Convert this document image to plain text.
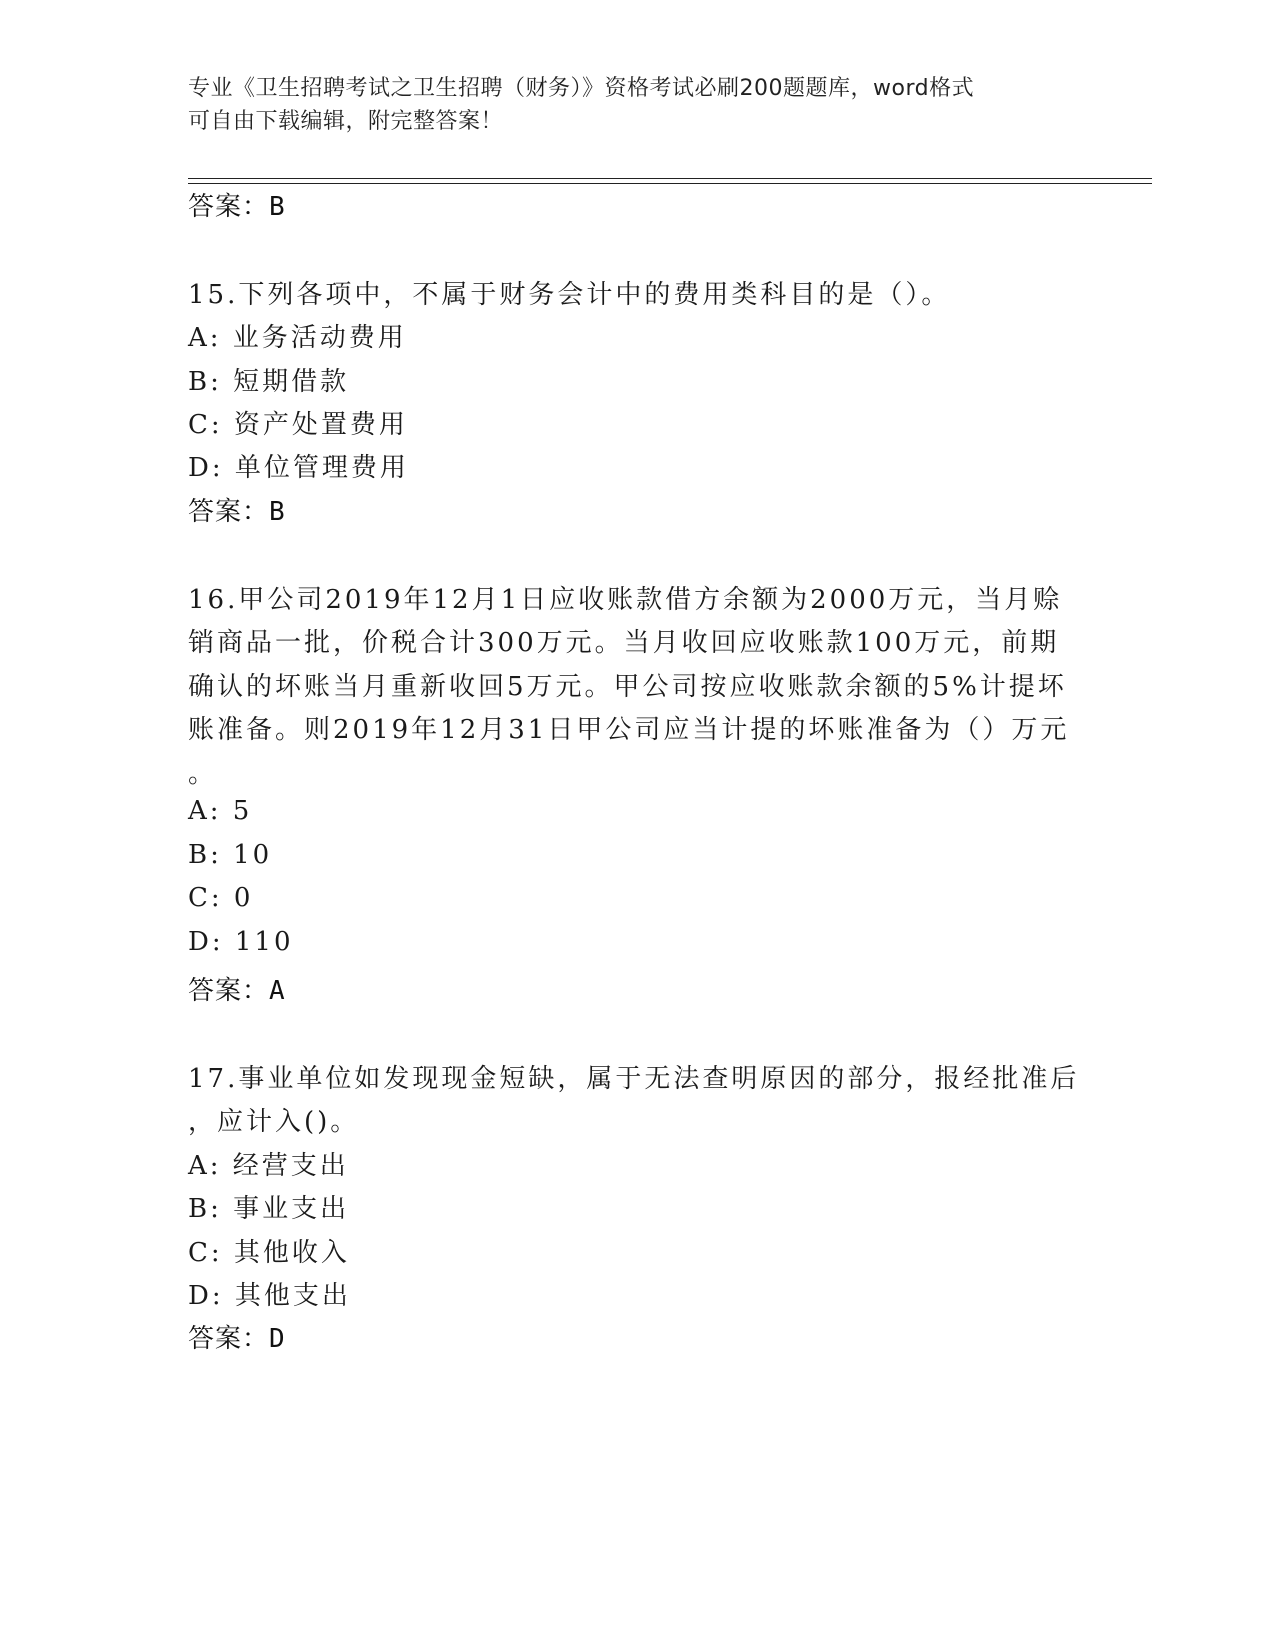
专业《卫生招聘考试之卫生招聘（财务）》资格考试必刷200题题库，word格式
可自由下载编辑，附完整答案！
答案：B
15.下列各项中，不属于财务会计中的费用类科目的是（）。
A: 业务活动费用
B: 短期借款
C: 资产处置费用
D: 单位管理费用
答案：B
16.甲公司2019年12月1日应收账款借方余额为2000万元，当月赊
销商品一批，价税合计300万元。当月收回应收账款100万元，前期
确认的坏账当月重新收回5万元。甲公司按应收账款余额的5%计提坏
账准备。则2019年12月31日甲公司应当计提的坏账准备为（）万元
。
A: 5
B: 10
C: 0
D: 110
答案：A
17.事业单位如发现现金短缺，属于无法查明原因的部分，报经批准后
，应计入()。
A: 经营支出
B: 事业支出
C: 其他收入
D: 其他支出
答案：D
